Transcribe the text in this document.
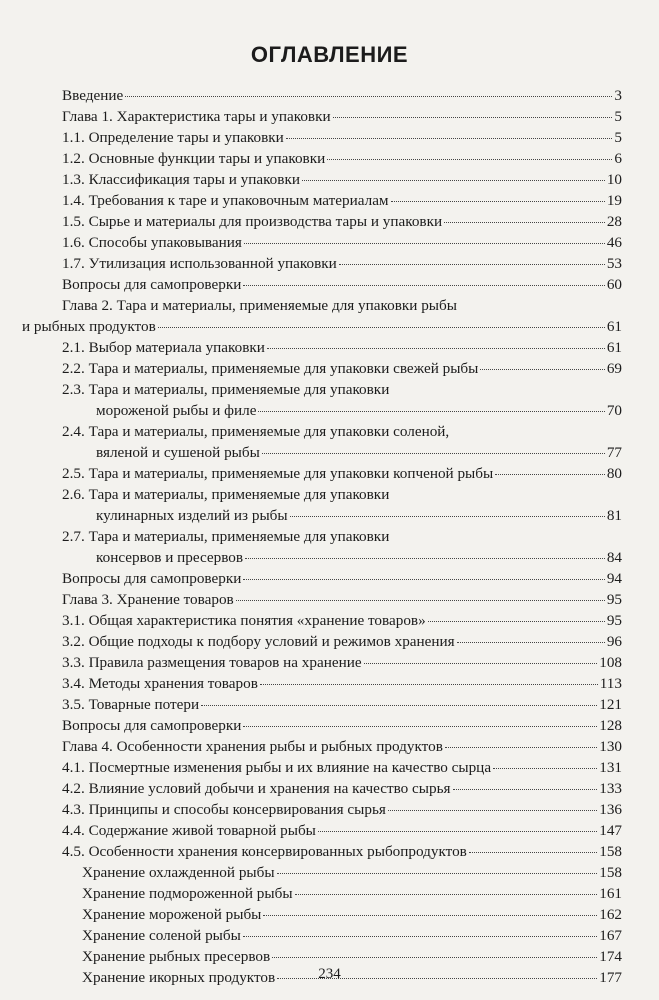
ОГЛАВЛЕНИЕ
Введение	3
Глава 1. Характеристика тары и упаковки	5
1.1. Определение тары и упаковки	5
1.2. Основные функции тары и упаковки	6
1.3. Классификация тары и упаковки	10
1.4. Требования к таре и упаковочным материалам	19
1.5. Сырье и материалы для производства тары и упаковки	28
1.6. Способы упаковывания	46
1.7. Утилизация использованной упаковки	53
Вопросы для самопроверки	60
Глава 2. Тара и материалы, применяемые для упаковки рыбы
и рыбных продуктов	61
2.1. Выбор материала упаковки	61
2.2. Тара и материалы, применяемые для упаковки свежей рыбы	69
2.3. Тара и материалы, применяемые для упаковки
мороженой рыбы и филе	70
2.4. Тара и материалы, применяемые для упаковки соленой,
вяленой и сушеной рыбы	77
2.5. Тара и материалы, применяемые для упаковки копченой рыбы	80
2.6. Тара и материалы, применяемые для упаковки
кулинарных изделий из рыбы	81
2.7. Тара и материалы, применяемые для упаковки
консервов и пресервов	84
Вопросы для самопроверки	94
Глава 3. Хранение товаров	95
3.1. Общая характеристика понятия «хранение товаров»	95
3.2. Общие подходы к подбору условий и режимов хранения	96
3.3. Правила размещения товаров на хранение	108
3.4. Методы хранения товаров	113
3.5. Товарные потери	121
Вопросы для самопроверки	128
Глава 4. Особенности хранения рыбы и рыбных продуктов	130
4.1. Посмертные изменения рыбы и их влияние на качество сырца	131
4.2. Влияние условий добычи и хранения на качество сырья	133
4.3. Принципы и способы консервирования сырья	136
4.4. Содержание живой товарной рыбы	147
4.5. Особенности хранения консервированных рыбопродуктов	158
Хранение охлажденной рыбы	158
Хранение подмороженной рыбы	161
Хранение мороженой рыбы	162
Хранение соленой рыбы	167
Хранение рыбных пресервов	174
Хранение икорных продуктов	177
234
